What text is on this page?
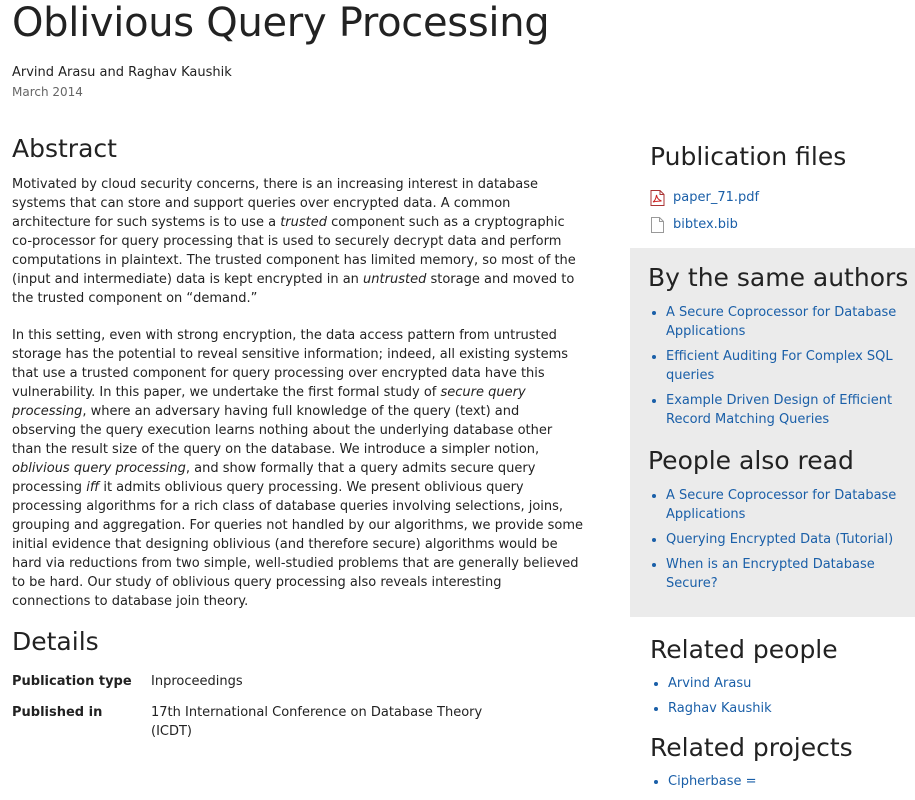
Oblivious Query Processing
Arvind Arasu and Raghav Kaushik
March 2014
Abstract

Motivated by cloud security concerns, there is an increasing interest in database systems that can store and support queries over encrypted data. A common architecture for such systems is to use a trusted component such as a cryptographic co-processor for query processing that is used to securely decrypt data and perform computations in plaintext. The trusted component has limited memory, so most of the (input and intermediate) data is kept encrypted in an untrusted storage and moved to the trusted component on “demand.”

In this setting, even with strong encryption, the data access pattern from untrusted storage has the potential to reveal sensitive information; indeed, all existing systems that use a trusted component for query processing over encrypted data have this vulnerability. In this paper, we undertake the first formal study of secure query processing, where an adversary having full knowledge of the query (text) and observing the query execution learns nothing about the underlying database other than the result size of the query on the database. We introduce a simpler notion, oblivious query processing, and show formally that a query admits secure query processing iff it admits oblivious query processing. We present oblivious query processing algorithms for a rich class of database queries involving selections, joins, grouping and aggregation. For queries not handled by our algorithms, we provide some initial evidence that designing oblivious (and therefore secure) algorithms would be hard via reductions from two simple, well-studied problems that are generally believed to be hard. Our study of oblivious query processing also reveals interesting connections to database join theory.

Details
Publication type	Inproceedings
Published in	17th International Conference on Database Theory (ICDT)
Publication files
paper_71.pdf
bibtex.bib
By the same authors
• A Secure Coprocessor for Database Applications
• Efficient Auditing For Complex SQL queries
• Example Driven Design of Efficient Record Matching Queries
People also read
• A Secure Coprocessor for Database Applications
• Querying Encrypted Data (Tutorial)
• When is an Encrypted Database Secure?
Related people
• Arvind Arasu
• Raghav Kaushik
Related projects
• Cipherbase =
